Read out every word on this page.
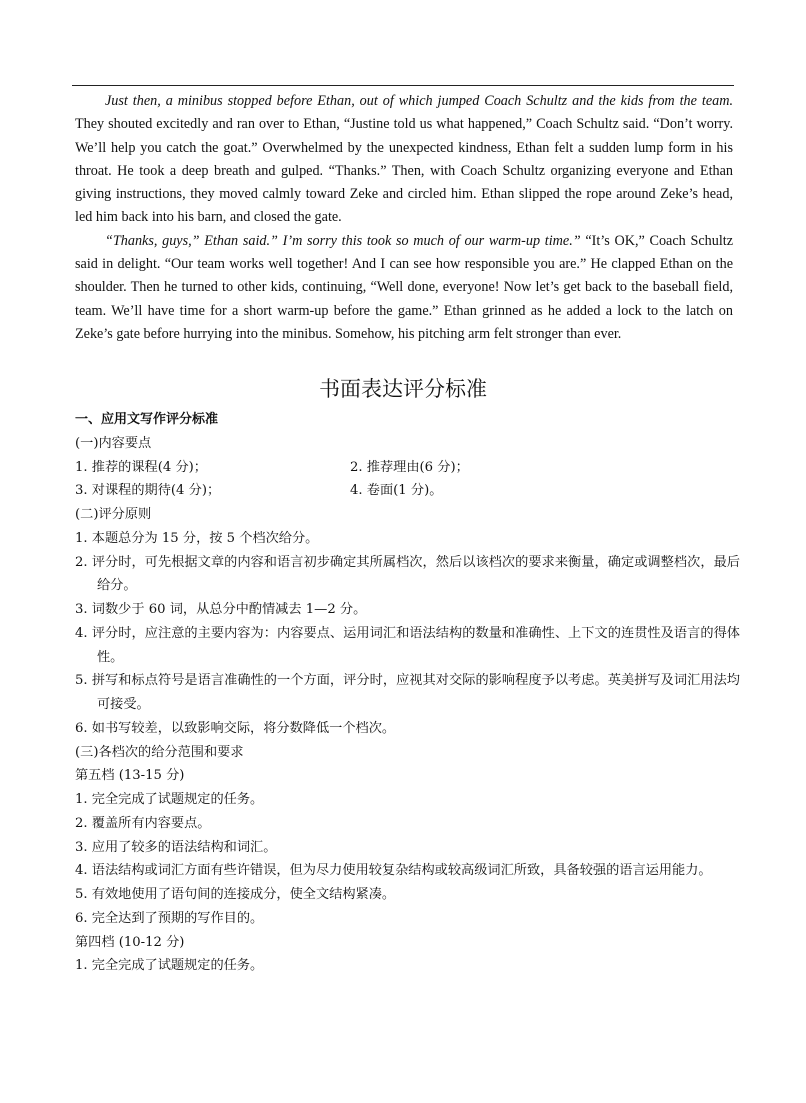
Just then, a minibus stopped before Ethan, out of which jumped Coach Schultz and the kids from the team. They shouted excitedly and ran over to Ethan, “Justine told us what happened,” Coach Schultz said. “Don’t worry. We’ll help you catch the goat.” Overwhelmed by the unexpected kindness, Ethan felt a sudden lump form in his throat. He took a deep breath and gulped. “Thanks.” Then, with Coach Schultz organizing everyone and Ethan giving instructions, they moved calmly toward Zeke and circled him. Ethan slipped the rope around Zeke’s head, led him back into his barn, and closed the gate.

“Thanks, guys,” Ethan said.” I’m sorry this took so much of our warm-up time.” “It’s OK,” Coach Schultz said in delight. “Our team works well together! And I can see how responsible you are.” He clapped Ethan on the shoulder. Then he turned to other kids, continuing, “Well done, everyone! Now let’s get back to the baseball field, team. We’ll have time for a short warm-up before the game.” Ethan grinned as he added a lock to the latch on Zeke’s gate before hurrying into the minibus. Somehow, his pitching arm felt stronger than ever.

书面表达评分标准

一、应用文写作评分标准

(一)内容要点

1. 推荐的课程(4 分)；	2. 推荐理由(6 分)；
3. 对课程的期待(4 分)；	4. 卷面(1 分)。

(二)评分原则

1. 本题总分为 15 分，按 5 个档次给分。

2. 评分时，可先根据文章的内容和语言初步确定其所属档次，然后以该档次的要求来衡量，确定或调整档次，最后给分。

3. 词数少于 60 词，从总分中酌情减去 1—2 分。

4. 评分时，应注意的主要内容为：内容要点、运用词汇和语法结构的数量和准确性、上下文的连贯性及语言的得体性。

5. 拼写和标点符号是语言准确性的一个方面，评分时，应视其对交际的影响程度予以考虑。英美拼写及词汇用法均可接受。

6. 如书写较差，以致影响交际，将分数降低一个档次。

(三)各档次的给分范围和要求

第五档 (13-15 分)

1. 完全完成了试题规定的任务。

2. 覆盖所有内容要点。

3. 应用了较多的语法结构和词汇。

4. 语法结构或词汇方面有些许错误，但为尽力使用较复杂结构或较高级词汇所致，具备较强的语言运用能力。

5. 有效地使用了语句间的连接成分，使全文结构紧凑。

6. 完全达到了预期的写作目的。

第四档 (10-12 分)

1. 完全完成了试题规定的任务。
